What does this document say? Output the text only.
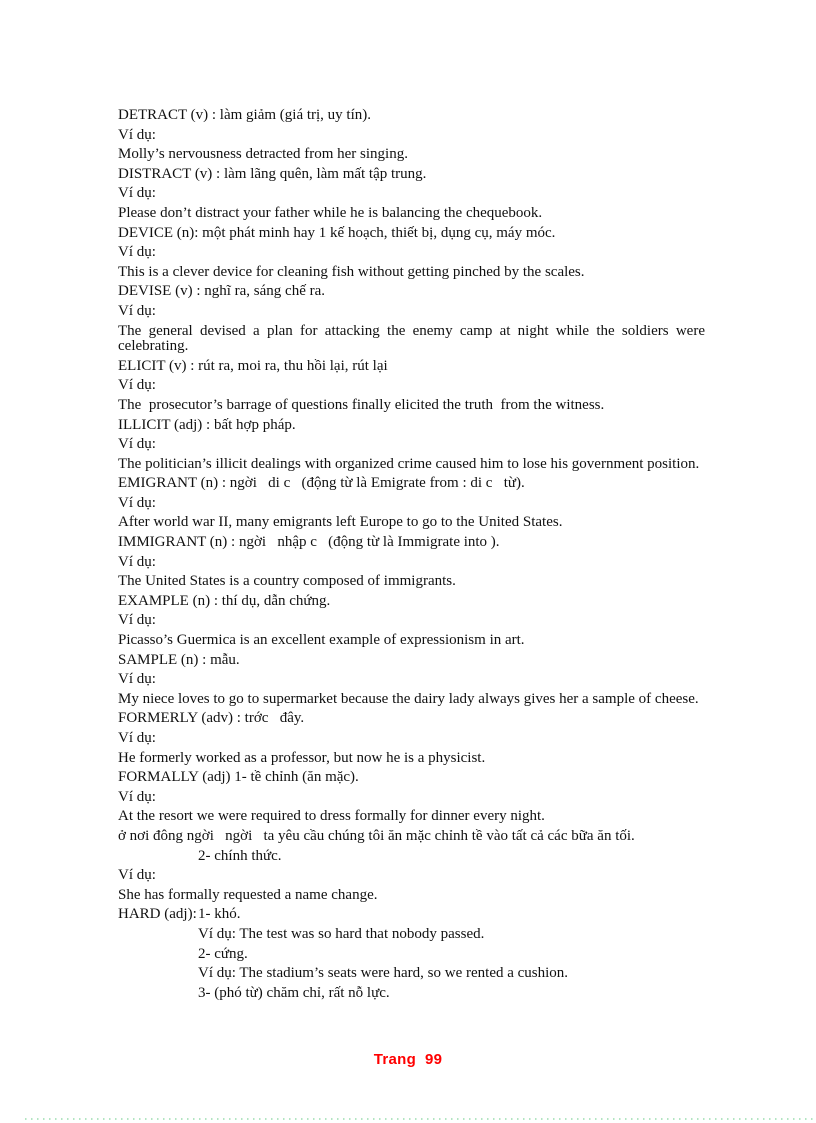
DETRACT (v) : làm giảm (giá trị, uy tín).
Ví dụ:
Molly’s nervousness detracted from her singing.
DISTRACT (v) : làm lãng quên, làm mất tập trung.
Ví dụ:
Please don’t distract your father while he is balancing the chequebook.
DEVICE (n): một phát minh hay 1 kế hoạch, thiết bị, dụng cụ, máy móc.
Ví dụ:
This is a clever device for cleaning fish without getting pinched by the scales.
DEVISE (v) : nghĩ ra, sáng chế ra.
Ví dụ:
The general devised a plan for attacking the enemy camp at night while the soldiers were
celebrating.
ELICIT (v) : rút ra, moi ra, thu hồi lại, rút lại
Ví dụ:
The  prosecutor’s barrage of questions finally elicited the truth  from the witness.
ILLICIT (adj) : bất hợp pháp.
Ví dụ:
The politician’s illicit dealings with organized crime caused him to lose his government position.
EMIGRANT (n) : ngời   di c   (động từ là Emigrate from : di c   từ).
Ví dụ:
After world war II, many emigrants left Europe to go to the United States.
IMMIGRANT (n) : ngời   nhập c   (động từ là Immigrate into ).
Ví dụ:
The United States is a country composed of immigrants.
EXAMPLE (n) : thí dụ, dẫn chứng.
Ví dụ:
Picasso’s Guermica is an excellent example of expressionism in art.
SAMPLE (n) : mẫu.
Ví dụ:
My niece loves to go to supermarket because the dairy lady always gives her a sample of cheese.
FORMERLY (adv) : trớc   đây.
Ví dụ:
He formerly worked as a professor, but now he is a physicist.
FORMALLY (adj) 1- tề chỉnh (ăn mặc).
Ví dụ:
At the resort we were required to dress formally for dinner every night.
ở nơi đông ngời   ngời   ta yêu cầu chúng tôi ăn mặc chỉnh tề vào tất cả các bữa ăn tối.
2- chính thức.
Ví dụ:
She has formally requested a name change.
HARD (adj): 1- khó.
Ví dụ: The test was so hard that nobody passed.
2- cứng.
Ví dụ: The stadium’s seats were hard, so we rented a cushion.
3- (phó từ) chăm chỉ, rất nỗ lực.
Trang  99
